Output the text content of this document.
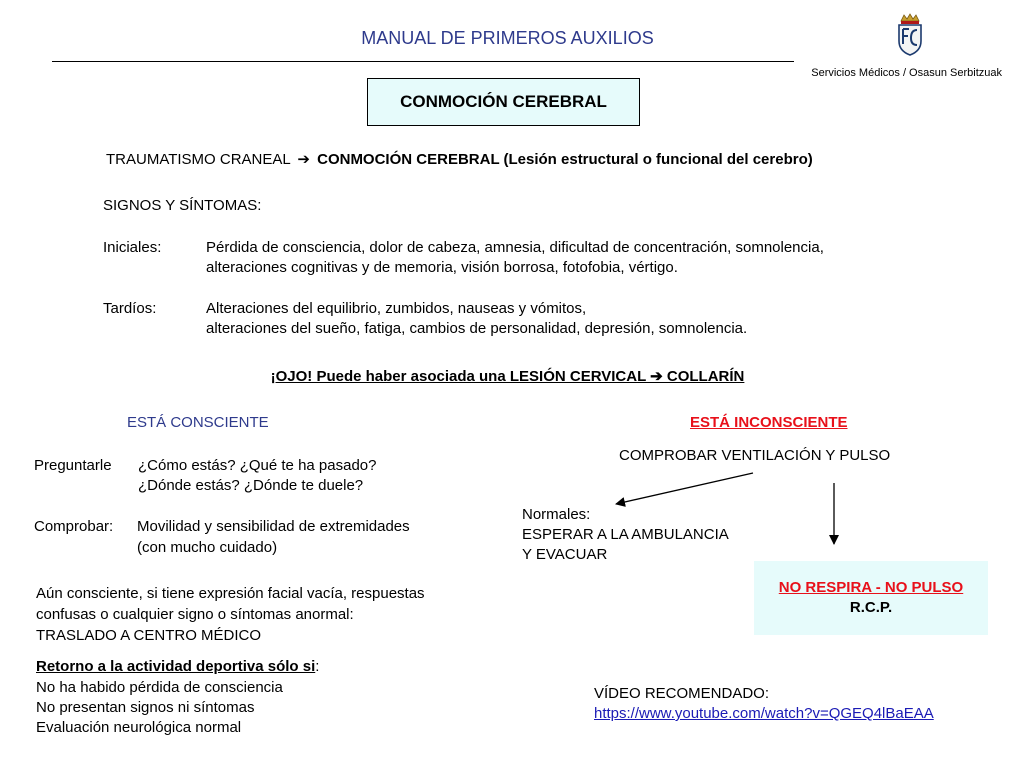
MANUAL DE PRIMEROS AUXILIOS
Servicios Médicos / Osasun Serbitzuak
CONMOCIÓN CEREBRAL
TRAUMATISMO CRANEAL ➔ CONMOCIÓN CEREBRAL (Lesión estructural o funcional del cerebro)
SIGNOS Y SÍNTOMAS:
Iniciales:	Pérdida de consciencia, dolor de cabeza, amnesia, dificultad de concentración, somnolencia,
alteraciones cognitivas y de memoria, visión borrosa, fotofobia, vértigo.
Tardíos:	Alteraciones del equilibrio, zumbidos, nauseas y vómitos,
alteraciones del sueño, fatiga, cambios de personalidad, depresión, somnolencia.
¡OJO! Puede haber asociada una LESIÓN CERVICAL ➔ COLLARÍN
ESTÁ CONSCIENTE
Preguntarle ¿Cómo estás? ¿Qué te ha pasado?
¿Dónde estás? ¿Dónde te duele?
Comprobar: Movilidad y sensibilidad de extremidades
(con mucho cuidado)
Aún consciente, si tiene expresión facial vacía, respuestas
confusas o cualquier signo o síntomas anormal:
TRASLADO A CENTRO MÉDICO
Retorno a la actividad deportiva sólo si:
No ha habido pérdida de consciencia
No presentan signos ni síntomas
Evaluación neurológica normal
ESTÁ INCONSCIENTE
COMPROBAR VENTILACIÓN Y PULSO
Normales:
ESPERAR A LA AMBULANCIA
Y EVACUAR
NO RESPIRA - NO PULSO
R.C.P.
VÍDEO RECOMENDADO:
https://www.youtube.com/watch?v=QGEQ4lBaEAA
